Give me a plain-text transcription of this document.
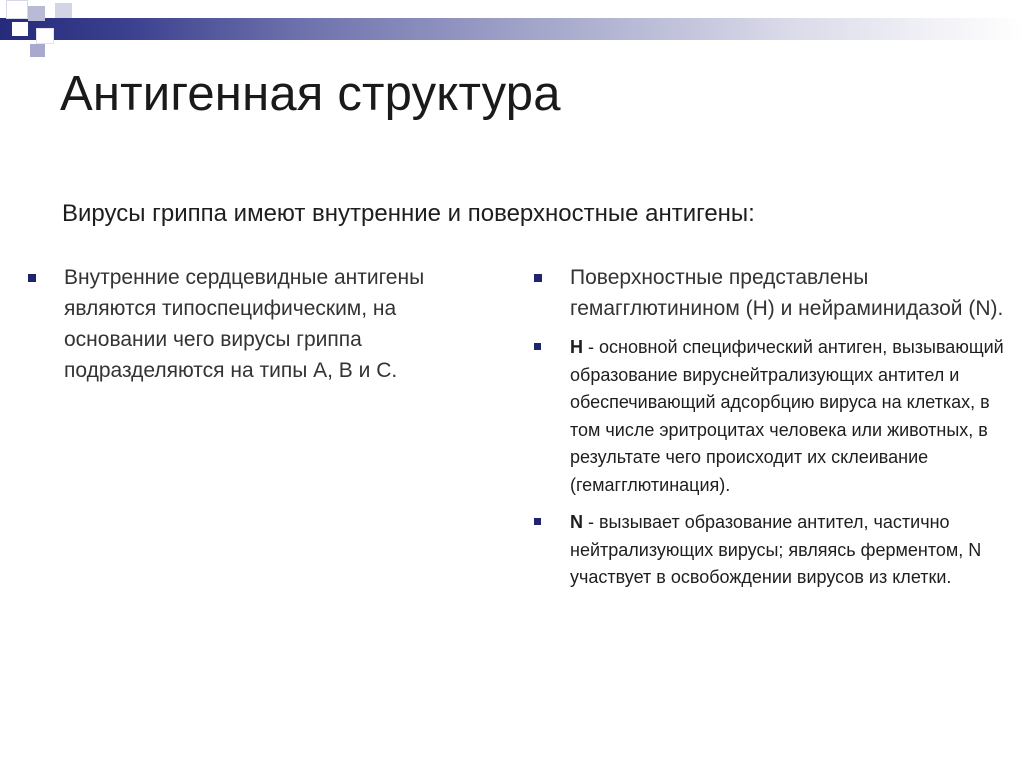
Антигенная структура
Вирусы гриппа имеют внутренние и поверхностные антигены:
Внутренние сердцевидные антигены являются типоспецифическим, на основании чего вирусы гриппа подразделяются на типы А, В и С.
Поверхностные представлены гемагглютинином (Н) и нейраминидазой (N).
H - основной специфический антиген, вызывающий образование вируснейтрализующих антител и обеспечивающий адсорбцию вируса на клетках, в том числе эритроцитах человека или животных, в результате чего происходит их склеивание (гемагглютинация).
N - вызывает образование антител, частично нейтрализующих вирусы; являясь ферментом, N участвует в освобождении вирусов из клетки.
